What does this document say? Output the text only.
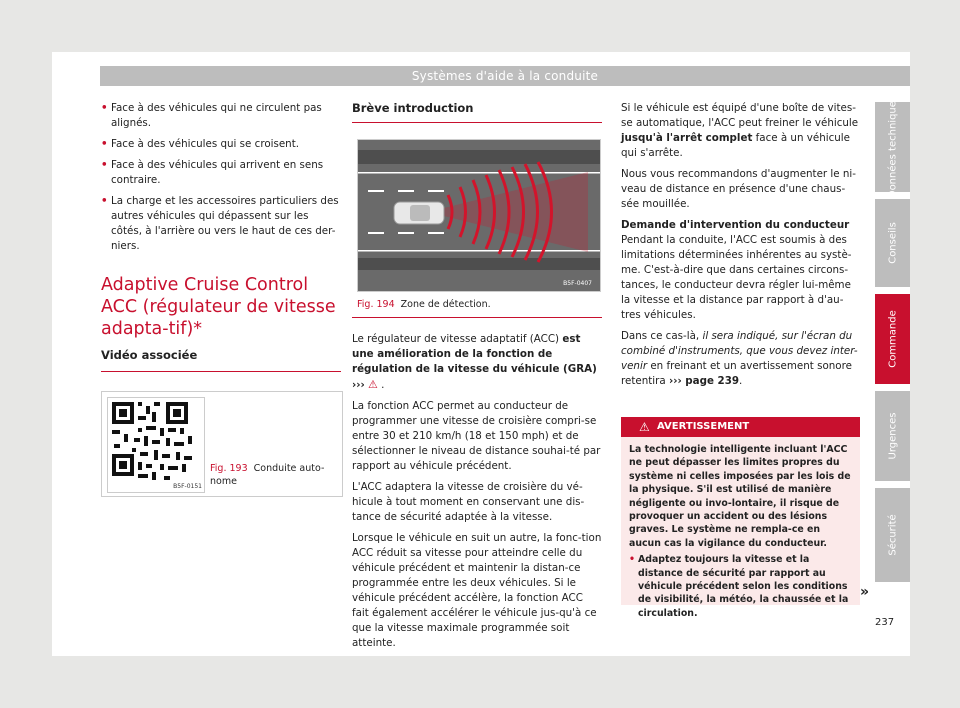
Systèmes d'aide à la conduite

• Face à des véhicules qui ne circulent pas alignés.

• Face à des véhicules qui se croisent.

• Face à des véhicules qui arrivent en sens contraire.

• La charge et les accessoires particuliers des autres véhicules qui dépassent sur les côtés, à l'arrière ou vers le haut de ces der-niers.

Adaptive Cruise Control ACC (régulateur de vitesse adapta-tif)*
Vidéo associée
B5F-0151
Fig. 193 Conduite auto-nome
Brève introduction
B5F-0407
Fig. 194 Zone de détection.

Le régulateur de vitesse adaptatif (ACC) est une amélioration de la fonction de régulation de la vitesse du véhicule (GRA) ››› ⚠ .

La fonction ACC permet au conducteur de programmer une vitesse de croisière compri-se entre 30 et 210 km/h (18 et 150 mph) et de sélectionner le niveau de distance souhai-té par rapport au véhicule précédent.

L'ACC adaptera la vitesse de croisière du vé-hicule à tout moment en conservant une dis-tance de sécurité adaptée à la vitesse.

Lorsque le véhicule en suit un autre, la fonc-tion ACC réduit sa vitesse pour atteindre celle du véhicule précédent et maintenir la distan-ce programmée entre les deux véhicules. Si le véhicule précédent accélère, la fonction ACC fait également accélérer le véhicule jus-qu'à ce que la vitesse maximale programmée soit atteinte.

Si le véhicule est équipé d'une boîte de vites-se automatique, l'ACC peut freiner le véhicule jusqu'à l'arrêt complet face à un véhicule qui s'arrête.

Nous vous recommandons d'augmenter le ni-veau de distance en présence d'une chaus-sée mouillée.

Demande d'intervention du conducteur

Pendant la conduite, l'ACC est soumis à des limitations déterminées inhérentes au systè-me. C'est-à-dire que dans certaines circons-tances, le conducteur devra régler lui-même la vitesse et la distance par rapport à d'au-tres véhicules.

Dans ce cas-là, il sera indiqué, sur l'écran du combiné d'instruments, que vous devez inter-venir en freinant et un avertissement sonore retentira ››› page 239.

⚠ AVERTISSEMENT

La technologie intelligente incluant l'ACC ne peut dépasser les limites propres du système ni celles imposées par les lois de la physique. S'il est utilisé de manière négligente ou invo-lontaire, il risque de provoquer un accident ou des lésions graves. Le système ne rempla-ce en aucun cas la vigilance du conducteur.

• Adaptez toujours la vitesse et la distance de sécurité par rapport au véhicule précédent selon les conditions de visibilité, la météo, la chaussée et la circulation.

»
237
Données techniques
Conseils
Commande
Urgences
Sécurité
